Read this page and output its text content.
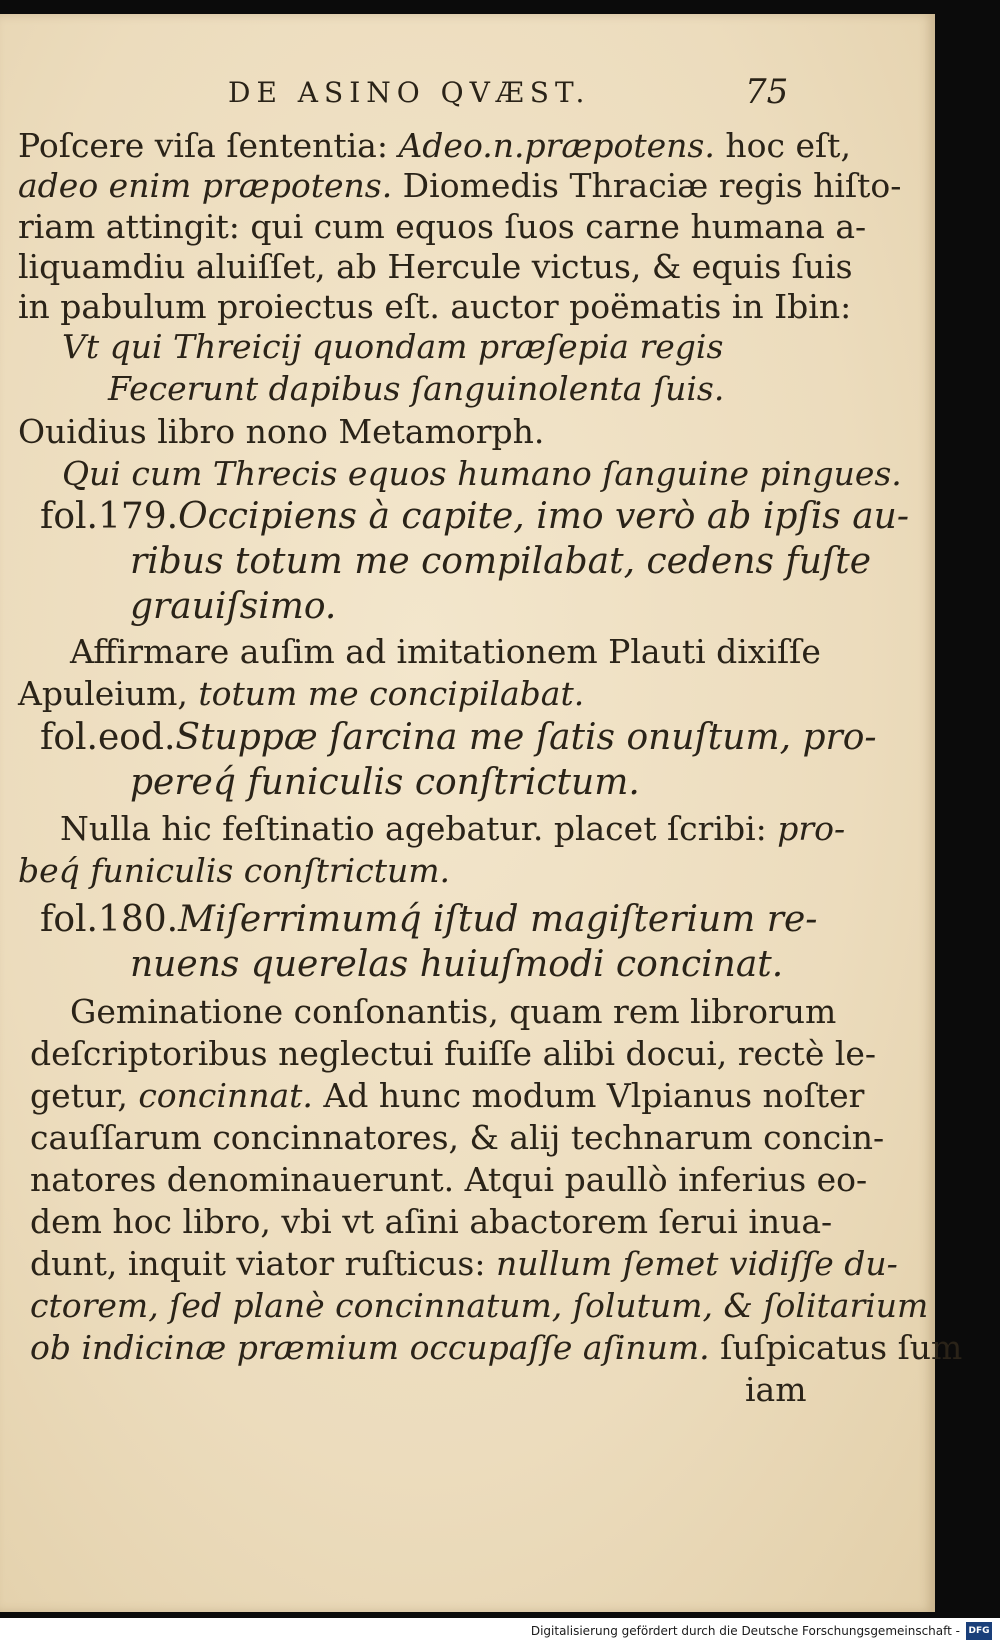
DE ASINO QVÆST.	75
Poſcere viſa ſententia: Adeo.n.præpotens. hoc eſt,
adeo enim præpotens. Diomedis Thraciæ regis hiſto-
riam attingit: qui cum equos ſuos carne humana a-
liquamdiu aluiſſet, ab Hercule victus, & equis ſuis
in pabulum proiectus eſt. auctor poëmatis in Ibin:
Vt qui Threicij quondam præſepia regis
Fecerunt dapibus ſanguinolenta ſuis.
Ouidius libro nono Metamorph.
Qui cum Threcis equos humano ſanguine pingues.
fol.179.Occipiens à capite, imo verò ab ipſis au-
ribus totum me compilabat, cedens fuſte
grauiſsimo.
Affirmare auſim ad imitationem Plauti dixiſſe
Apuleium, totum me concipilabat.
fol.eod.Stuppæ ſarcina me ſatis onuſtum, pro-
pereq́ funiculis conſtrictum.
Nulla hic feſtinatio agebatur. placet ſcribi: pro-
beq́ funiculis conſtrictum.
fol.180.Miſerrimumq́ iſtud magiſterium re-
nuens querelas huiuſmodi concinat.
Geminatione conſonantis, quam rem librorum
deſcriptoribus neglectui fuiſſe alibi docui, rectè le-
getur, concinnat. Ad hunc modum Vlpianus noſter
cauſſarum concinnatores, & alij technarum concin-
natores denominauerunt. Atqui paullò inferius eo-
dem hoc libro, vbi vt aſini abactorem ſerui inua-
dunt, inquit viator ruſticus: nullum ſemet vidiſſe du-
ctorem, ſed planè concinnatum, ſolutum, & ſolitarium
ob indicinæ præmium occupaſſe aſinum. ſuſpicatus ſum
iam
Digitalisierung gefördert durch die Deutsche Forschungsgemeinschaft - DFG
